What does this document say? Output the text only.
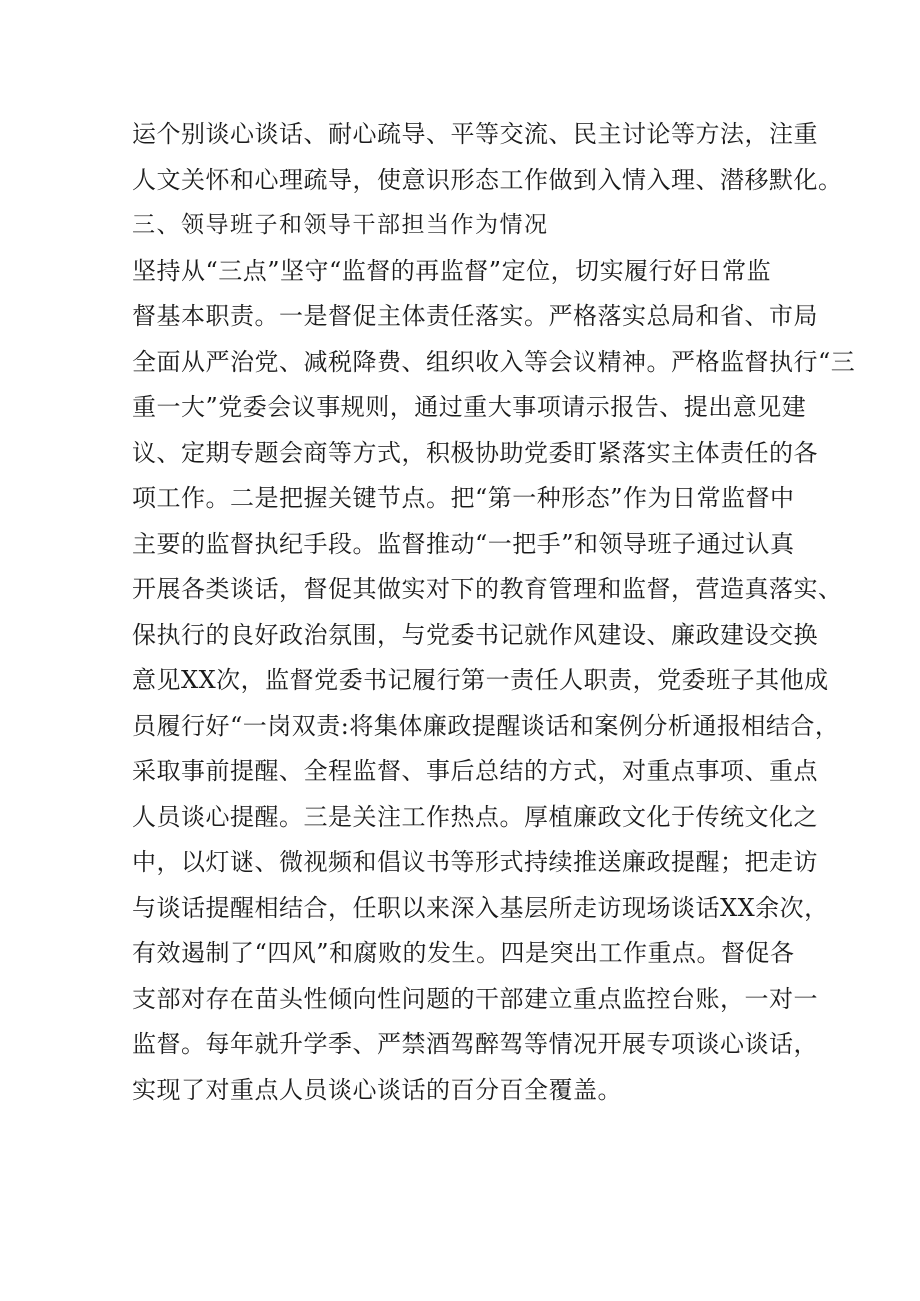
运个别谈心谈话、耐心疏导、平等交流、民主讨论等方法，注重
人文关怀和心理疏导，使意识形态工作做到入情入理、潜移默化。
三、领导班子和领导干部担当作为情况
坚持从“三点”坚守“监督的再监督”定位，切实履行好日常监
督基本职责。一是督促主体责任落实。严格落实总局和省、市局
全面从严治党、减税降费、组织收入等会议精神。严格监督执行“三
重一大”党委会议事规则，通过重大事项请示报告、提出意见建
议、定期专题会商等方式，积极协助党委盯紧落实主体责任的各
项工作。二是把握关键节点。把“第一种形态”作为日常监督中
主要的监督执纪手段。监督推动“一把手”和领导班子通过认真
开展各类谈话，督促其做实对下的教育管理和监督，营造真落实、
保执行的良好政治氛围，与党委书记就作风建设、廉政建设交换
意见XX次，监督党委书记履行第一责任人职责，党委班子其他成
员履行好“一岗双责:将集体廉政提醒谈话和案例分析通报相结合，
采取事前提醒、全程监督、事后总结的方式，对重点事项、重点
人员谈心提醒。三是关注工作热点。厚植廉政文化于传统文化之
中，以灯谜、微视频和倡议书等形式持续推送廉政提醒；把走访
与谈话提醒相结合，任职以来深入基层所走访现场谈话XX余次，
有效遏制了“四风”和腐败的发生。四是突出工作重点。督促各
支部对存在苗头性倾向性问题的干部建立重点监控台账，一对一
监督。每年就升学季、严禁酒驾醉驾等情况开展专项谈心谈话，
实现了对重点人员谈心谈话的百分百全覆盖。
